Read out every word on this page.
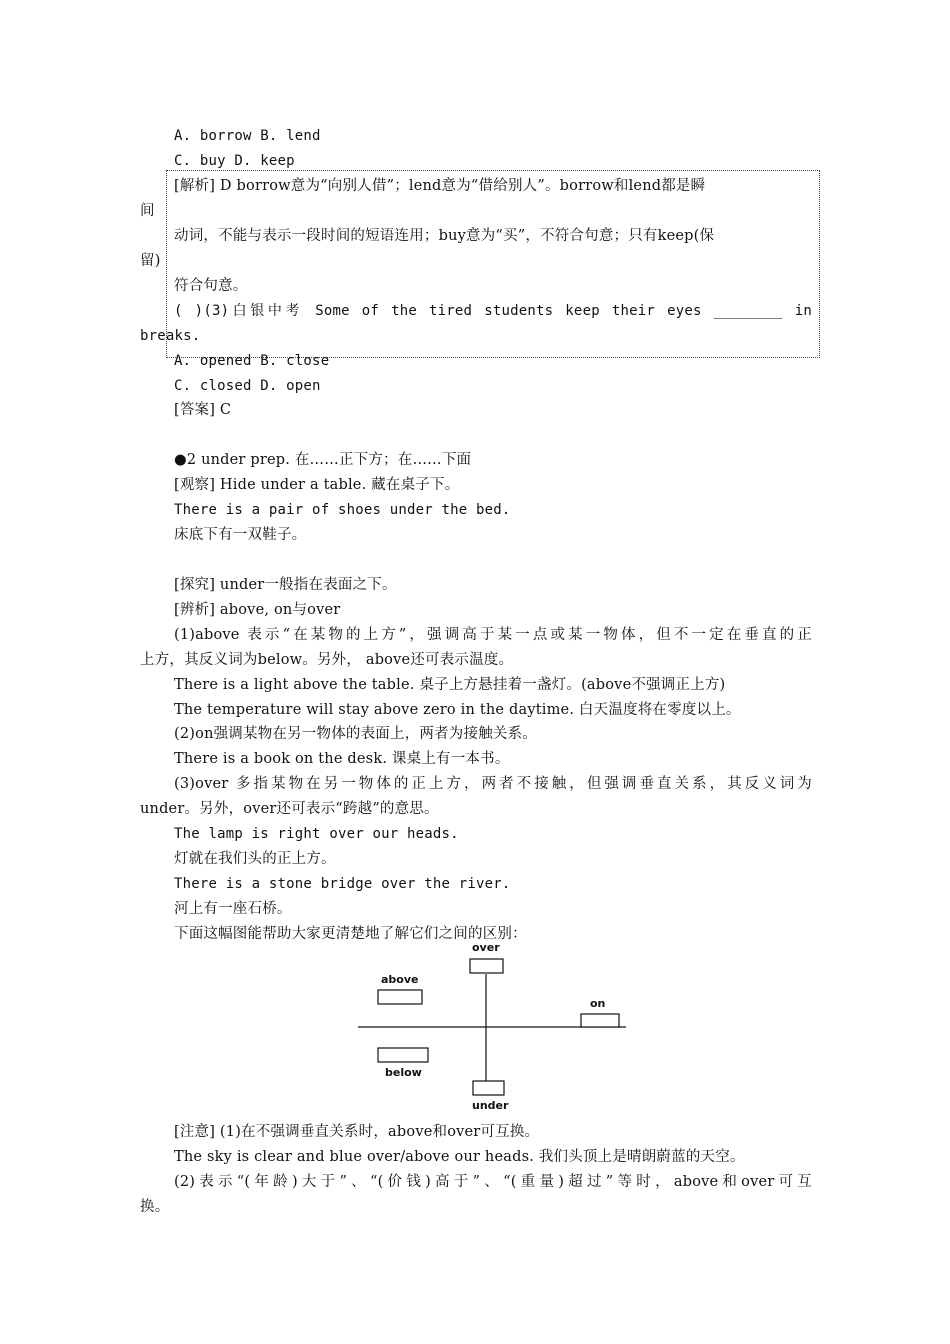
A. borrow B. lend
C. buy D. keep
[解析] D borrow意为“向别人借”；lend意为“借给别人”。borrow和lend都是瞬
间
动词，不能与表示一段时间的短语连用；buy意为“买”，不符合句意；只有keep(保
留)
符合句意。
( )(3)白银中考 Some of the tired students keep their eyes ________ in
breaks.
A. opened B. close
C. closed D. open
[答案] C
●2 under prep. 在……正下方；在……下面
[观察] Hide under a table. 藏在桌子下。
There is a pair of shoes under the bed.
床底下有一双鞋子。
[探究] under一般指在表面之下。
[辨析] above, on与over
(1)above 表示“在某物的上方”，强调高于某一点或某一物体，但不一定在垂直的正
上方，其反义词为below。另外， above还可表示温度。
There is a light above the table. 桌子上方悬挂着一盏灯。(above不强调正上方)
The temperature will stay above zero in the daytime. 白天温度将在零度以上。
(2)on强调某物在另一物体的表面上，两者为接触关系。
There is a book on the desk. 课桌上有一本书。
(3)over 多指某物在另一物体的正上方，两者不接触，但强调垂直关系，其反义词为
under。另外，over还可表示“跨越”的意思。
The lamp is right over our heads.
灯就在我们头的正上方。
There is a stone bridge over the river.
河上有一座石桥。
下面这幅图能帮助大家更清楚地了解它们之间的区别：
over
above
on
below
under
[注意] (1)在不强调垂直关系时，above和over可互换。
The sky is clear and blue over/above our heads. 我们头顶上是晴朗蔚蓝的天空。
(2)表示“(年龄)大于”、“(价钱)高于”、“(重量)超过”等时，above和over可互
换。
